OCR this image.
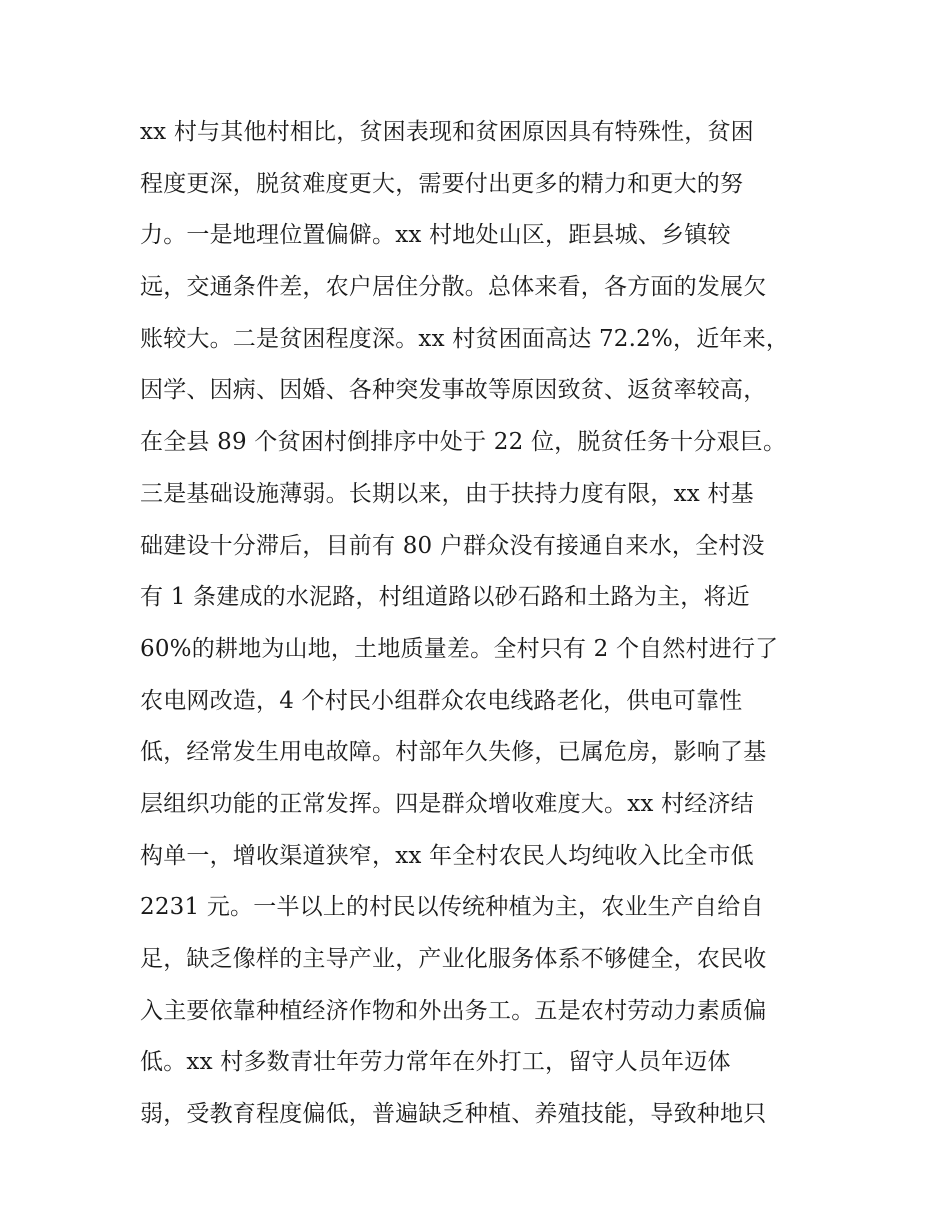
xx 村与其他村相比，贫困表现和贫困原因具有特殊性，贫困
程度更深，脱贫难度更大，需要付出更多的精力和更大的努
力。一是地理位置偏僻。xx 村地处山区，距县城、乡镇较
远，交通条件差，农户居住分散。总体来看，各方面的发展欠
账较大。二是贫困程度深。xx 村贫困面高达 72.2%，近年来，
因学、因病、因婚、各种突发事故等原因致贫、返贫率较高，
在全县 89 个贫困村倒排序中处于 22 位，脱贫任务十分艰巨。
三是基础设施薄弱。长期以来，由于扶持力度有限，xx 村基
础建设十分滞后，目前有 80 户群众没有接通自来水，全村没
有 1 条建成的水泥路，村组道路以砂石路和土路为主，将近
60%的耕地为山地，土地质量差。全村只有 2 个自然村进行了
农电网改造，4 个村民小组群众农电线路老化，供电可靠性
低，经常发生用电故障。村部年久失修，已属危房，影响了基
层组织功能的正常发挥。四是群众增收难度大。xx 村经济结
构单一，增收渠道狭窄，xx 年全村农民人均纯收入比全市低
2231 元。一半以上的村民以传统种植为主，农业生产自给自
足，缺乏像样的主导产业，产业化服务体系不够健全，农民收
入主要依靠种植经济作物和外出务工。五是农村劳动力素质偏
低。xx 村多数青壮年劳力常年在外打工，留守人员年迈体
弱，受教育程度偏低，普遍缺乏种植、养殖技能，导致种地只
